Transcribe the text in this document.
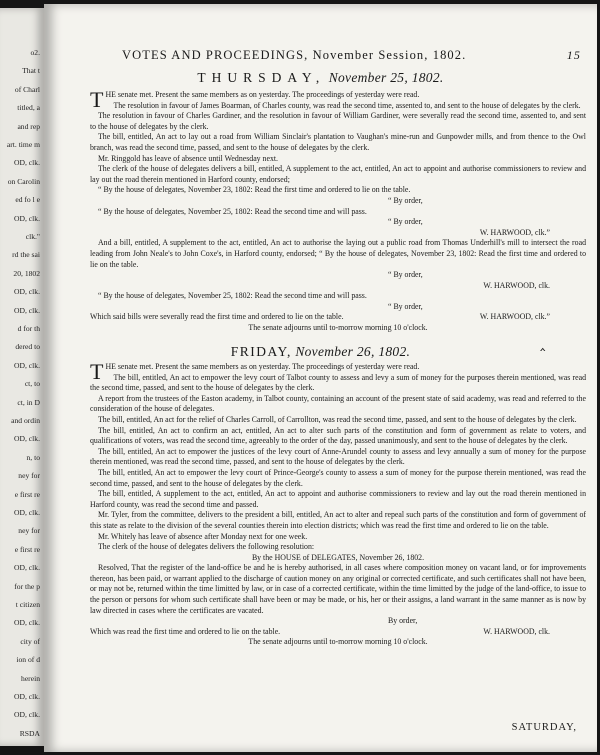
o2.
That t
of Charl
titled, a
and rep
art. time m
OD, clk.
on Carolin
ed fo l e
OD, clk.
clk."
rd the sai
20, 1802
OD, clk.
OD, clk.
d for th
dered to
OD, clk.
ct, to
ct, in D
and ordin
OD, clk.
n, to
ney for
e first re
OD, clk.
ney for
e first re
OD, clk.
for the p
t citizen
OD, clk.
city of
ion of d
herein
OD, clk.
OD, clk.
RSDA
VOTES AND PROCEEDINGS, November Session, 1802.	15
THURSDAY, November 25, 1802.

THE senate met. Present the same members as on yesterday. The proceedings of yesterday were read.

The resolution in favour of James Boarman, of Charles county, was read the second time, assented to, and sent to the house of delegates by the clerk.

The resolution in favour of Charles Gardiner, and the resolution in favour of William Gardiner, were severally read the second time, assented to, and sent to the house of delegates by the clerk.

The bill, entitled, An act to lay out a road from William Sinclair's plantation to Vaughan's mine-run and Gunpowder mills, and from thence to the Owl branch, was read the second time, passed, and sent to the house of delegates by the clerk.

Mr. Ringgold has leave of absence until Wednesday next.

The clerk of the house of delegates delivers a bill, entitled, A supplement to the act, entitled, An act to appoint and authorise commissioners to review and lay out the road therein mentioned in Harford county, endorsed;

“ By the house of delegates, November 23, 1802: Read the first time and ordered to lie on the table.

“ By order,

“ By the house of delegates, November 25, 1802: Read the second time and will pass.

“ By order,

W. HARWOOD, clk.”

And a bill, entitled, A supplement to the act, entitled, An act to authorise the laying out a public road from Thomas Underhill's mill to intersect the road leading from John Neale's to John Coxe's, in Harford county, endorsed; “ By the house of delegates, November 23, 1802: Read the first time and ordered to lie on the table.

“ By order,

W. HARWOOD, clk.

“ By the house of delegates, November 25, 1802: Read the second time and will pass.

“ By order,

Which said bills were severally read the first time and ordered to lie on the table.	W. HARWOOD, clk.”

The senate adjourns until to-morrow morning 10 o'clock.

FRIDAY, November 26, 1802.

THE senate met. Present the same members as on yesterday. The proceedings of yesterday were read.

The bill, entitled, An act to empower the levy court of Talbot county to assess and levy a sum of money for the purposes therein mentioned, was read the second time, passed, and sent to the house of delegates by the clerk.

A report from the trustees of the Easton academy, in Talbot county, containing an account of the present state of said academy, was read and referred to the consideration of the house of delegates.

The bill, entitled, An act for the relief of Charles Carroll, of Carrollton, was read the second time, passed, and sent to the house of delegates by the clerk.

The bill, entitled, An act to confirm an act, entitled, An act to alter such parts of the constitution and form of government as relate to voters, and qualifications of voters, was read the second time, agreeably to the order of the day, passed unanimously, and sent to the house of delegates by the clerk.

The bill, entitled, An act to empower the justices of the levy court of Anne-Arundel county to assess and levy annually a sum of money for the purpose therein mentioned, was read the second time, passed, and sent to the house of delegates by the clerk.

The bill, entitled, An act to empower the levy court of Prince-George's county to assess a sum of money for the purpose therein mentioned, was read the second time, passed, and sent to the house of delegates by the clerk.

The bill, entitled, A supplement to the act, entitled, An act to appoint and authorise commissioners to review and lay out the road therein mentioned in Harford county, was read the second time and passed.

Mr. Tyler, from the committee, delivers to the president a bill, entitled, An act to alter and repeal such parts of the constitution and form of government of this state as relate to the division of the several counties therein into election districts; which was read the first time and ordered to lie on the table.

Mr. Whitely has leave of absence after Monday next for one week.

The clerk of the house of delegates delivers the following resolution:

By the HOUSE of DELEGATES, November 26, 1802.

Resolved, That the register of the land-office be and he is hereby authorised, in all cases where composition money on vacant land, or for improvements thereon, has been paid, or warrant applied to the discharge of caution money on any original or corrected certificate, and such certificates shall not have been, or may not be, returned within the time limitted by law, or in case of a corrected certificate, within the time limitted by the judge of the land-office, to issue to the person or persons for whom such certificate shall have been or may be made, or his, her or their assigns, a land warrant in the same manner as is now by law directed in cases where the certificates are vacated.

By order,

Which was read the first time and ordered to lie on the table.	W. HARWOOD, clk.

The senate adjourns until to-morrow morning 10 o'clock.

SATURDAY,
‸
